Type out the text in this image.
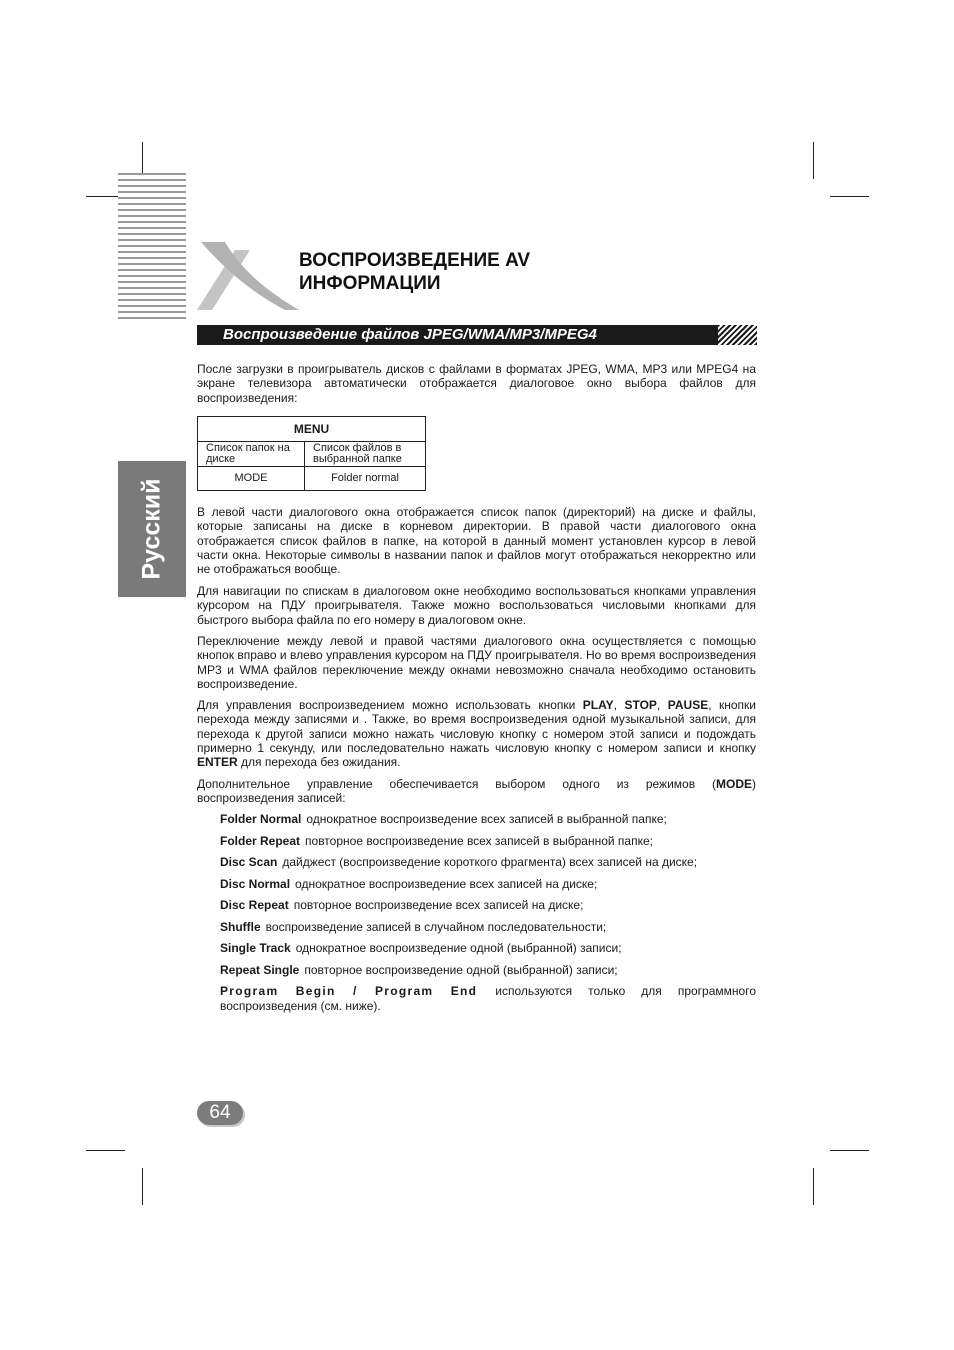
ВОСПРОИЗВЕДЕНИЕ AV
ИНФОРМАЦИИ
Воспроизведение файлов JPEG/WMA/MP3/MPEG4
Русский
После загрузки в проигрыватель дисков с файлами в форматах JPEG, WMA, MP3 или MPEG4 на экране телевизора автоматически отображается диалоговое окно выбора файлов для воспроизведения:
MENU	
Список папок на диске	Список файлов в выбранной папке
MODE	Folder normal
В левой части диалогового окна отображается список папок (директорий) на диске и файлы, которые записаны на диске в корневом директории. В правой части диалогового окна отображается список файлов в папке, на которой в данный момент установлен курсор в левой части окна. Некоторые символы в названии папок и файлов могут отображаться некорректно или не отображаться вообще.
Для навигации по спискам в диалоговом окне необходимо воспользоваться кнопками управления курсором на ПДУ проигрывателя. Также можно воспользоваться числовыми кнопками для быстрого выбора файла по его номеру в диалоговом окне.
Переключение между левой и правой частями диалогового окна осуществляется с помощью кнопок вправо и влево управления курсором на ПДУ проигрывателя. Но во время воспроизведения MP3 и WMA файлов переключение между окнами невозможно сначала необходимо остановить воспроизведение.
Для управления воспроизведением можно использовать кнопки PLAY, STOP, PAUSE, кнопки перехода между записями и . Также, во время воспроизведения одной музыкальной записи, для перехода к другой записи можно нажать числовую кнопку с номером этой записи и подождать примерно 1 секунду, или последовательно нажать числовую кнопку с номером записи и кнопку ENTER для перехода без ожидания.
Дополнительное управление обеспечивается выбором одного из режимов (MODE) воспроизведения записей:
Folder Normal однократное воспроизведение всех записей в выбранной папке;
Folder Repeat повторное воспроизведение всех записей в выбранной папке;
Disc Scan дайджест (воспроизведение короткого фрагмента) всех записей на диске;
Disc Normal однократное воспроизведение всех записей на диске;
Disc Repeat повторное воспроизведение всех записей на диске;
Shuffle воспроизведение записей в случайном последовательности;
Single Track однократное воспроизведение одной (выбранной) записи;
Repeat Single повторное воспроизведение одной (выбранной) записи;
Program Begin / Program End используются только для программного воспроизведения (см. ниже).
64
